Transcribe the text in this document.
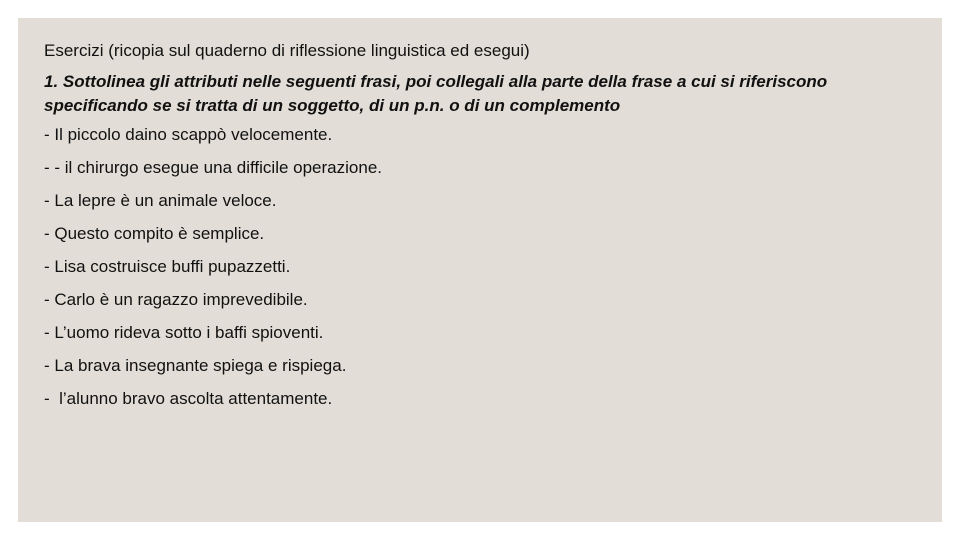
Esercizi (ricopia sul quaderno di riflessione linguistica ed esegui)

1. Sottolinea gli attributi nelle seguenti frasi, poi collegali alla parte della frase a cui si riferiscono specificando se si tratta di un soggetto, di un p.n. o di un complemento

- Il piccolo daino scappò velocemente.
- - il chirurgo esegue una difficile operazione.
- La lepre è un animale veloce.
- Questo compito è semplice.
- Lisa costruisce buffi pupazzetti.
- Carlo è un ragazzo imprevedibile.
- L’uomo rideva sotto i baffi spioventi.
- La brava insegnante spiega e rispiega.
-  l’alunno bravo ascolta attentamente.
